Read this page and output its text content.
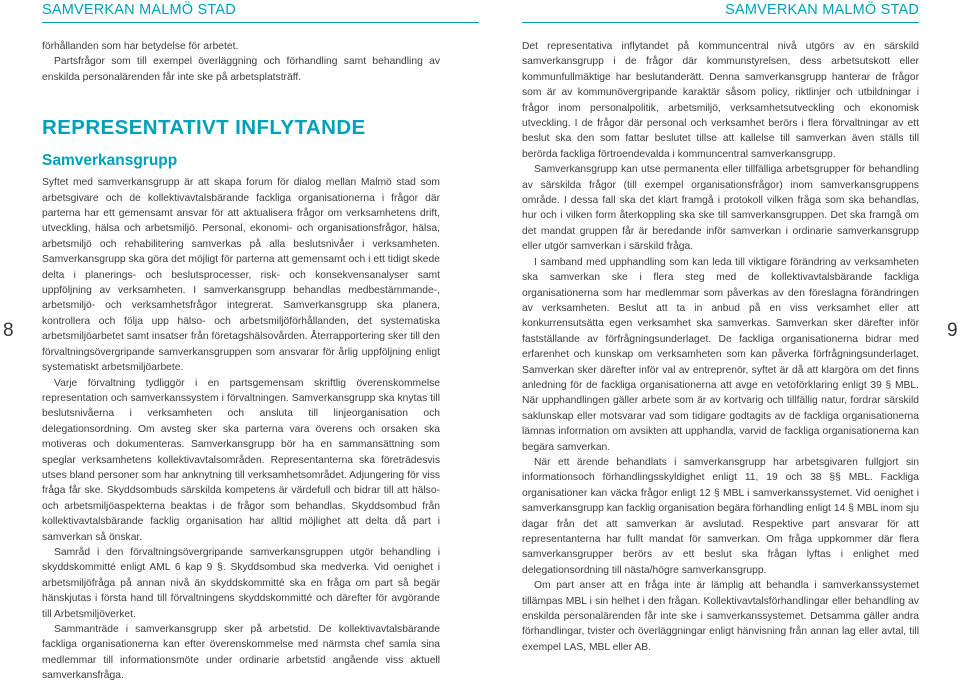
SAMVERKAN MALMÖ STAD	SAMVERKAN MALMÖ STAD
8	9

förhållanden som har betydelse för arbetet.

Partsfrågor som till exempel överläggning och förhandling samt behandling av enskilda personalärenden får inte ske på arbetsplatsträff.

REPRESENTATIVT INFLYTANDE
Samverkansgrupp

Syftet med samverkansgrupp är att skapa forum för dialog mellan Malmö stad som arbetsgivare och de kollektivavtalsbärande fackliga organisationerna i frågor där parterna har ett gemensamt ansvar för att aktualisera frågor om verksamhetens drift, utveckling, hälsa och arbetsmiljö. Personal, ekonomi- och organisationsfrågor, hälsa, arbetsmiljö och rehabilitering samverkas på alla beslutsnivåer i verksamheten. Samverkansgrupp ska göra det möjligt för parterna att gemensamt och i ett tidigt skede delta i planerings- och beslutsprocesser, risk- och konsekvensanalyser samt uppföljning av verksamheten. I samverkansgrupp behandlas medbestämmande-, arbetsmiljö- och verksamhetsfrågor integrerat. Samverkansgrupp ska planera, kontrollera och följa upp hälso- och arbetsmiljöförhållanden, det systematiska arbetsmiljöarbetet samt insatser från företagshälsovården. Återrapportering sker till den förvaltningsövergripande samverkansgruppen som ansvarar för årlig uppföljning enligt systematiskt arbetsmiljöarbete.

Varje förvaltning tydliggör i en partsgemensam skriftlig överenskommelse representation och samverkanssystem i förvaltningen. Samverkansgrupp ska knytas till beslutsnivåerna i verksamheten och ansluta till linjeorganisation och delegationsordning. Om avsteg sker ska parterna vara överens och orsaken ska motiveras och dokumenteras. Samverkansgrupp bör ha en sammansättning som speglar verksamhetens kollektivavtalsområden. Representanterna ska företrädesvis utses bland personer som har anknytning till verksamhetsområdet. Adjungering för viss fråga får ske. Skyddsombuds särskilda kompetens är värdefull och bidrar till att hälso- och arbetsmiljöaspekterna beaktas i de frågor som behandlas. Skyddsombud från kollektivavtalsbärande facklig organisation har alltid möjlighet att delta då part i samverkan så önskar.

Samråd i den förvaltningsövergripande samverkansgruppen utgör behandling i skyddskommitté enligt AML 6 kap 9 §. Skyddsombud ska medverka. Vid oenighet i arbetsmiljöfråga på annan nivå än skyddskommitté ska en fråga om part så begär hänskjutas i första hand till förvaltningens skyddskommitté och därefter för avgörande till Arbetsmiljöverket.

Sammanträde i samverkansgrupp sker på arbetstid. De kollektivavtalsbärande fackliga organisationerna kan efter överenskommelse med närmsta chef samla sina medlemmar till informationsmöte under ordinarie arbetstid angående viss aktuell samverkansfråga.

Det representativa inflytandet på kommuncentral nivå utgörs av en särskild samverkansgrupp i de frågor där kommunstyrelsen, dess arbetsutskott eller kommunfullmäktige har beslutanderätt. Denna samverkansgrupp hanterar de frågor som är av kommunövergripande karaktär såsom policy, riktlinjer och utbildningar i frågor inom personalpolitik, arbetsmiljö, verksamhetsutveckling och ekonomisk utveckling. I de frågor där personal och verksamhet berörs i flera förvaltningar av ett beslut ska den som fattar beslutet tillse att kallelse till samverkan även ställs till berörda fackliga förtroendevalda i kommuncentral samverkansgrupp.

Samverkansgrupp kan utse permanenta eller tillfälliga arbetsgrupper för behandling av särskilda frågor (till exempel organisationsfrågor) inom samverkansgruppens område. I dessa fall ska det klart framgå i protokoll vilken fråga som ska behandlas, hur och i vilken form återkoppling ska ske till samverkansgruppen. Det ska framgå om det mandat gruppen får är beredande inför samverkan i ordinarie samverkansgrupp eller utgör samverkan i särskild fråga.

I samband med upphandling som kan leda till viktigare förändring av verksamheten ska samverkan ske i flera steg med de kollektivavtalsbärande fackliga organisationerna som har medlemmar som påverkas av den föreslagna förändringen av verksamheten. Beslut att ta in anbud på en viss verksamhet eller att konkurrensutsätta egen verksamhet ska samverkas. Samverkan sker därefter inför fastställande av förfrågningsunderlaget. De fackliga organisationerna bidrar med erfarenhet och kunskap om verksamheten som kan påverka förfrågningsunderlaget. Samverkan sker därefter inför val av entreprenör, syftet är då att klargöra om det finns anledning för de fackliga organisationerna att avge en vetoförklaring enligt 39 § MBL. När upphandlingen gäller arbete som är av kortvarig och tillfällig natur, fordrar särskild saklunskap eller motsvarar vad som tidigare godtagits av de fackliga organisationerna lämnas information om avsikten att upphandla, varvid de fackliga organisationerna kan begära samverkan.

När ett ärende behandlats i samverkansgrupp har arbetsgivaren fullgjort sin informationsoch förhandlingsskyldighet enligt 11, 19 och 38 §§ MBL. Fackliga organisationer kan väcka frågor enligt 12 § MBL i samverkanssystemet. Vid oenighet i samverkansgrupp kan facklig organisation begära förhandling enligt 14 § MBL inom sju dagar från det att samverkan är avslutad. Respektive part ansvarar för att representanterna har fullt mandat för samverkan. Om fråga uppkommer där flera samverkansgrupper berörs av ett beslut ska frågan lyftas i enlighet med delegationsordning till nästa/högre samverkansgrupp.

Om part anser att en fråga inte är lämplig att behandla i samverkanssystemet tillämpas MBL i sin helhet i den frågan. Kollektivavtalsförhandlingar eller behandling av enskilda personalärenden får inte ske i samverkanssystemet. Detsamma gäller andra förhandlingar, tvister och överläggningar enligt hänvisning från annan lag eller avtal, till exempel LAS, MBL eller AB.
